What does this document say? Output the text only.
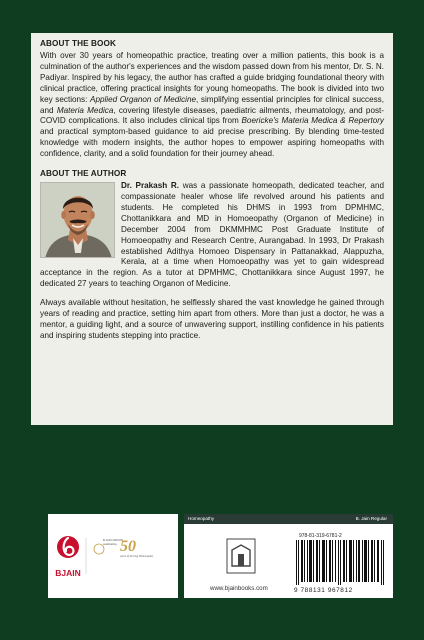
ABOUT THE BOOK

With over 30 years of homeopathic practice, treating over a million patients, this book is a culmination of the author's experiences and the wisdom passed down from his mentor, Dr. S. N. Padiyar. Inspired by his legacy, the author has crafted a guide bridging foundational theory with clinical practice, offering practical insights for young homeopaths. The book is divided into two key sections: Applied Organon of Medicine, simplifying essential principles for clinical success, and Materia Medica, covering lifestyle diseases, paediatric ailments, rheumatology, and post-COVID complications. It also includes clinical tips from Boericke's Materia Medica & Repertory and practical symptom-based guidance to aid precise prescribing. By blending time-tested knowledge with modern insights, the author hopes to empower aspiring homeopaths with confidence, clarity, and a solid foundation for their journey ahead.

ABOUT THE AUTHOR

Dr. Prakash R. was a passionate homeopath, dedicated teacher, and compassionate healer whose life revolved around his patients and students. He completed his DHMS in 1993 from DPMHMC, Chottanikkara and MD in Homoeopathy (Organon of Medicine) in December 2004 from DKMMHMC Post Graduate Institute of Homoeopathy and Research Centre, Aurangabad. In 1993, Dr Prakash established Adithya Homoeo Dispensary in Pattanakkad, Alappuzha, Kerala, at a time when Homoeopathy was yet to gain widespread acceptance in the region. As a tutor at DPMHMC, Chottanikkara since August 1997, he dedicated 27 years to teaching Organon of Medicine.

Always available without hesitation, he selflessly shared the vast knowledge he gained through years of reading and practice, setting him apart from others. More than just a doctor, he was a mentor, a guiding light, and a source of unwavering support, instilling confidence in his patients and inspiring students stepping into practice.

BJAIN
B.JAIN GROUP
celebrating 50
years of Serving Homeopathy
Homeopathy	B. Jain Regular
978-81-319-6781-2
www.bjainbooks.com	9 788131 967812
